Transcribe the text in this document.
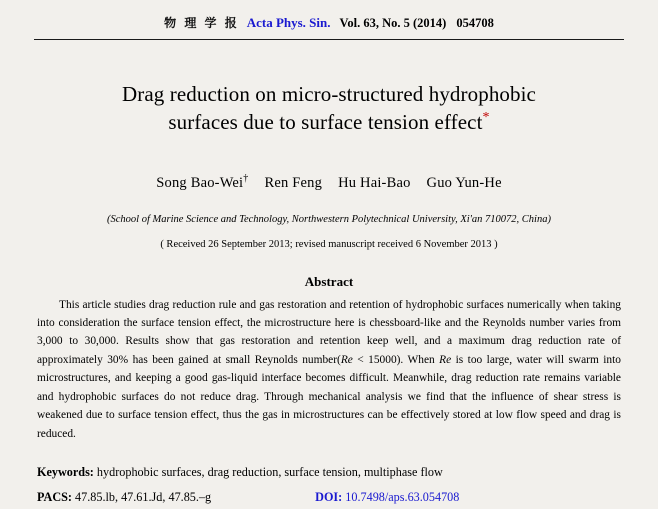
物 理 学 报 Acta Phys. Sin. Vol. 63, No. 5 (2014) 054708
Drag reduction on micro-structured hydrophobic
surfaces due to surface tension effect*
Song Bao-Wei† Ren Feng Hu Hai-Bao Guo Yun-He
(School of Marine Science and Technology, Northwestern Polytechnical University, Xi'an 710072, China)
( Received 26 September 2013; revised manuscript received 6 November 2013 )
Abstract
This article studies drag reduction rule and gas restoration and retention of hydrophobic surfaces numerically when taking into consideration the surface tension effect, the microstructure here is chessboard-like and the Reynolds number varies from 3,000 to 30,000. Results show that gas restoration and retention keep well, and a maximum drag reduction rate of approximately 30% has been gained at small Reynolds number(Re < 15000). When Re is too large, water will swarm into microstructures, and keeping a good gas-liquid interface becomes difficult. Meanwhile, drag reduction rate remains variable and hydrophobic surfaces do not reduce drag. Through mechanical analysis we find that the influence of shear stress is weakened due to surface tension effect, thus the gas in microstructures can be effectively stored at low flow speed and drag is reduced.
Keywords: hydrophobic surfaces, drag reduction, surface tension, multiphase flow
PACS: 47.85.lb, 47.61.Jd, 47.85.–g	DOI: 10.7498/aps.63.054708
